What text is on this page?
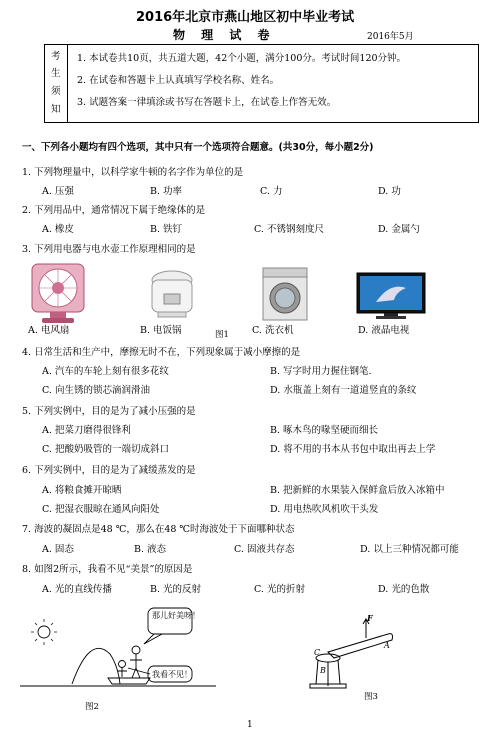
2016年北京市燕山地区初中毕业考试
物 理 试 卷	2016年5月
考
生
须
知
1. 本试卷共10页，共五道大题，42个小题，满分100分。考试时间120分钟。
2. 在试卷和答题卡上认真填写学校名称、姓名。
3. 试题答案一律填涂或书写在答题卡上，在试卷上作答无效。
一、下列各小题均有四个选项，其中只有一个选项符合题意。(共30分，每小题2分)
1. 下列物理量中，以科学家牛顿的名字作为单位的是
A. 压强	B. 功率	C. 力	D. 功
2. 下列用品中，通常情况下属于绝缘体的是
A. 橡皮	B. 铁钉	C. 不锈钢刻度尺	D. 金属勺
3. 下列用电器与电水壶工作原理相同的是
A. 电风扇	B. 电饭锅	图1 C. 洗衣机	D. 液晶电视
4. 日常生活和生产中，摩擦无时不在，下列现象属于减小摩擦的是
A. 汽车的车轮上刻有很多花纹	B. 写字时用力握住钢笔.
C. 向生锈的锁芯滴润滑油	D. 水瓶盖上刻有一道道竖直的条纹
5. 下列实例中，目的是为了减小压强的是
A. 把菜刀磨得很锋利	B. 啄木鸟的喙坚硬而细长
C. 把酸奶吸管的一端切成斜口	D. 将不用的书本从书包中取出再去上学
6. 下列实例中，目的是为了减缓蒸发的是
A. 将粮食摊开晾晒	B. 把新鲜的水果装入保鲜盒后放入冰箱中
C. 把湿衣服晾在通风向阳处	D. 用电热吹风机吹干头发
7. 海波的凝固点是48 ℃，那么在48 ℃时海波处于下面哪种状态
A. 固态	B. 液态	C. 固液共存态	D. 以上三种情况都可能
8. 如图2所示，我看不见“美景”的原因是
A. 光的直线传播	B. 光的反射	C. 光的折射	D. 光的色散
那儿好美呀！
我看不见！
图2
F
A
B
C
图3
1
